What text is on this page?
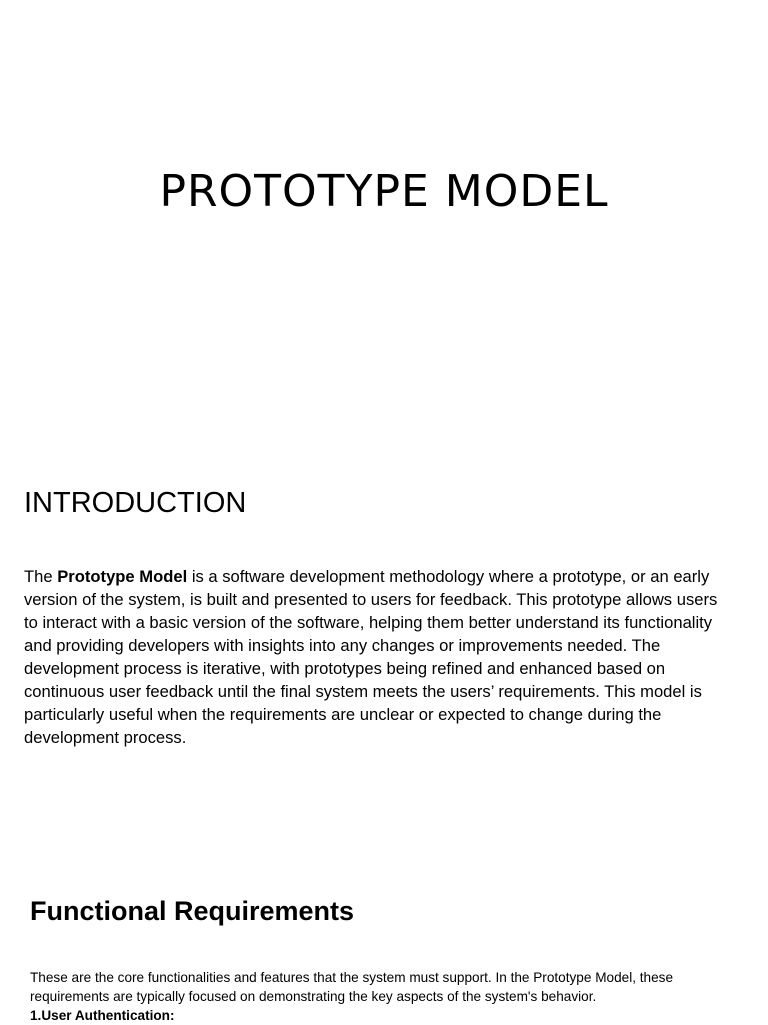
PROTOTYPE MODEL
INTRODUCTION

The Prototype Model is a software development methodology where a prototype, or an early version of the system, is built and presented to users for feedback. This prototype allows users to interact with a basic version of the software, helping them better understand its functionality and providing developers with insights into any changes or improvements needed. The development process is iterative, with prototypes being refined and enhanced based on continuous user feedback until the final system meets the users’ requirements. This model is particularly useful when the requirements are unclear or expected to change during the development process.

Functional Requirements

These are the core functionalities and features that the system must support. In the Prototype Model, these requirements are typically focused on demonstrating the key aspects of the system's behavior.

1.User Authentication:
